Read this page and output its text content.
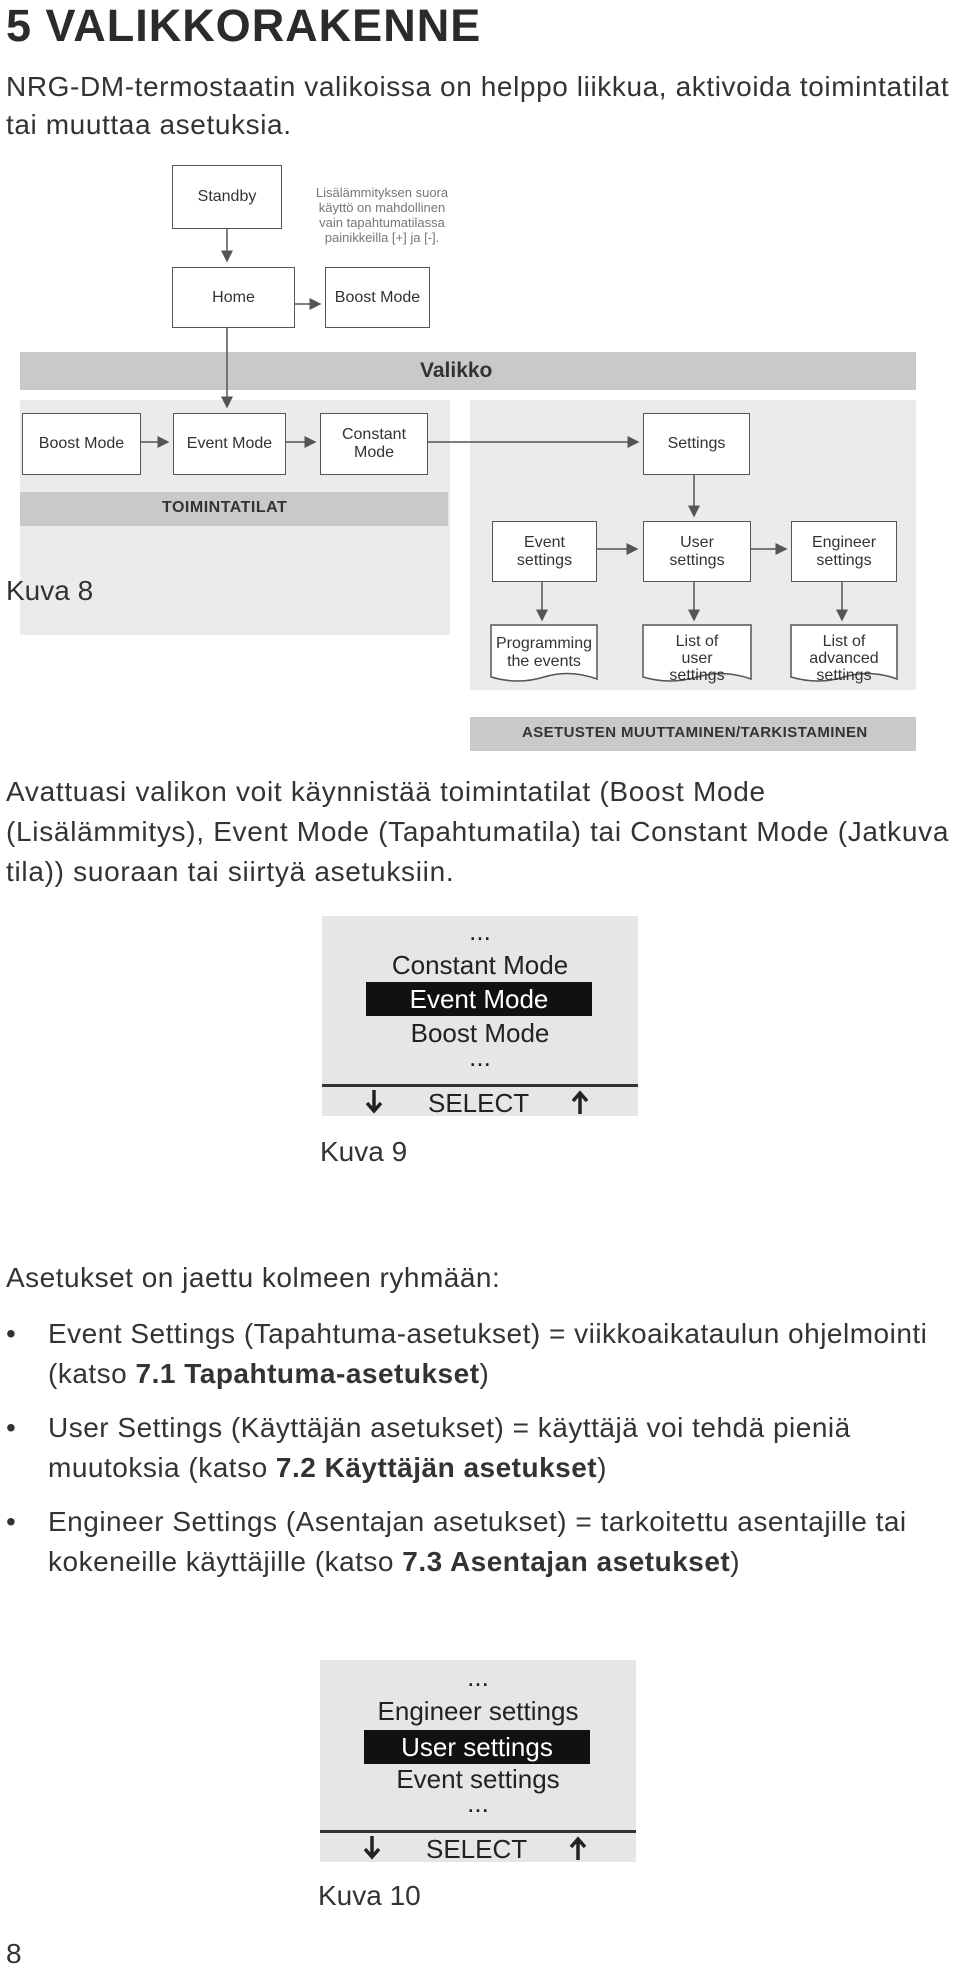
5 VALIKKORAKENNE
NRG-DM-termostaatin valikoissa on helppo liikkua, aktivoida toimintatilat tai muuttaa asetuksia.
Valikko
TOIMINTATILAT
ASETUSTEN MUUTTAMINEN/TARKISTAMINEN
Standby	Lisälämmityksen suora käyttö on mahdollinen vain tapahtumatilassa painikkeilla [+] ja [-].
Home	Boost Mode
Boost Mode	Event Mode
Constant Mode
Settings
Event settings
User settings
Engineer settings
Programming the events
List of user settings
List of advanced settings
Kuva 8
Avattuasi valikon voit käynnistää toimintatilat (Boost Mode (Lisälämmitys), Event Mode (Tapahtumatila) tai Constant Mode (Jatkuva tila)) suoraan tai siirtyä asetuksiin.
...
Constant Mode
Event Mode
Boost Mode
...
SELECT
Kuva 9
Asetukset on jaettu kolmeen ryhmään:
• Event Settings (Tapahtuma-asetukset) = viikkoaikataulun ohjelmointi (katso 7.1 Tapahtuma-asetukset)
• User Settings (Käyttäjän asetukset) = käyttäjä voi tehdä pieniä muutoksia (katso 7.2 Käyttäjän asetukset)
• Engineer Settings (Asentajan asetukset) = tarkoitettu asentajille tai kokeneille käyttäjille (katso 7.3 Asentajan asetukset)
...
Engineer settings
User settings
Event settings
...
SELECT
Kuva 10
8
